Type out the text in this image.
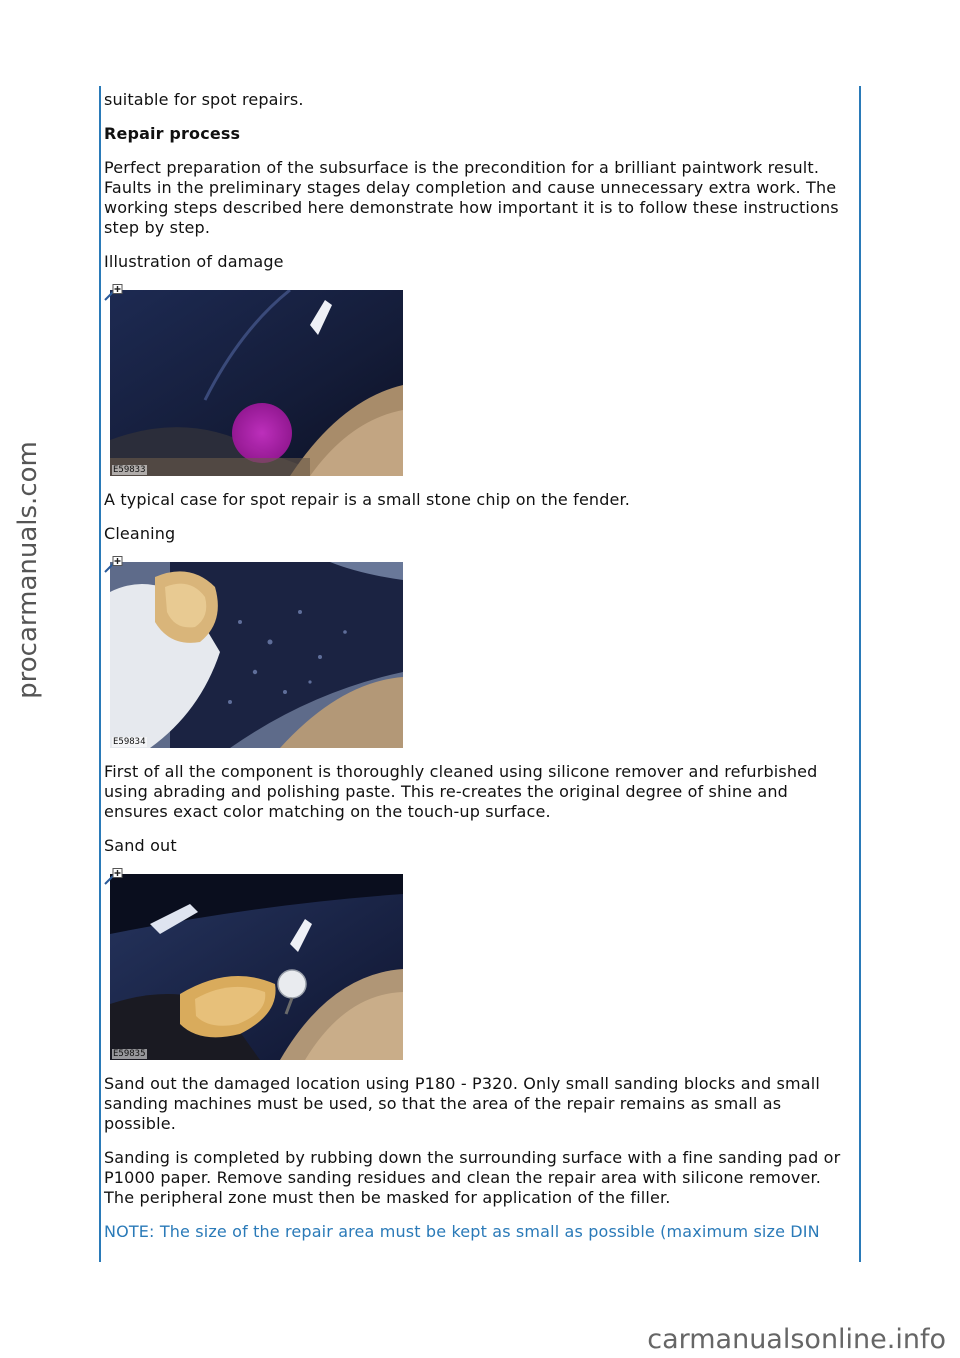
procarmanuals.com

suitable for spot repairs.

Repair process

Perfect preparation of the subsurface is the precondition for a brilliant paintwork result. Faults in the preliminary stages delay completion and cause unnecessary extra work. The working steps described here demonstrate how important it is to follow these instructions step by step.

Illustration of damage

E59833

A typical case for spot repair is a small stone chip on the fender.

Cleaning

E59834

First of all the component is thoroughly cleaned using silicone remover and refurbished using abrading and polishing paste. This re-creates the original degree of shine and ensures exact color matching on the touch-up surface.

Sand out

E59835

Sand out the damaged location using P180 - P320. Only small sanding blocks and small sanding machines must be used, so that the area of the repair remains as small as possible.

Sanding is completed by rubbing down the surrounding surface with a fine sanding pad or P1000 paper. Remove sanding residues and clean the repair area with silicone remover. The peripheral zone must then be masked for application of the filler.

NOTE: The size of the repair area must be kept as small as possible (maximum size DIN

carmanualsonline.info
